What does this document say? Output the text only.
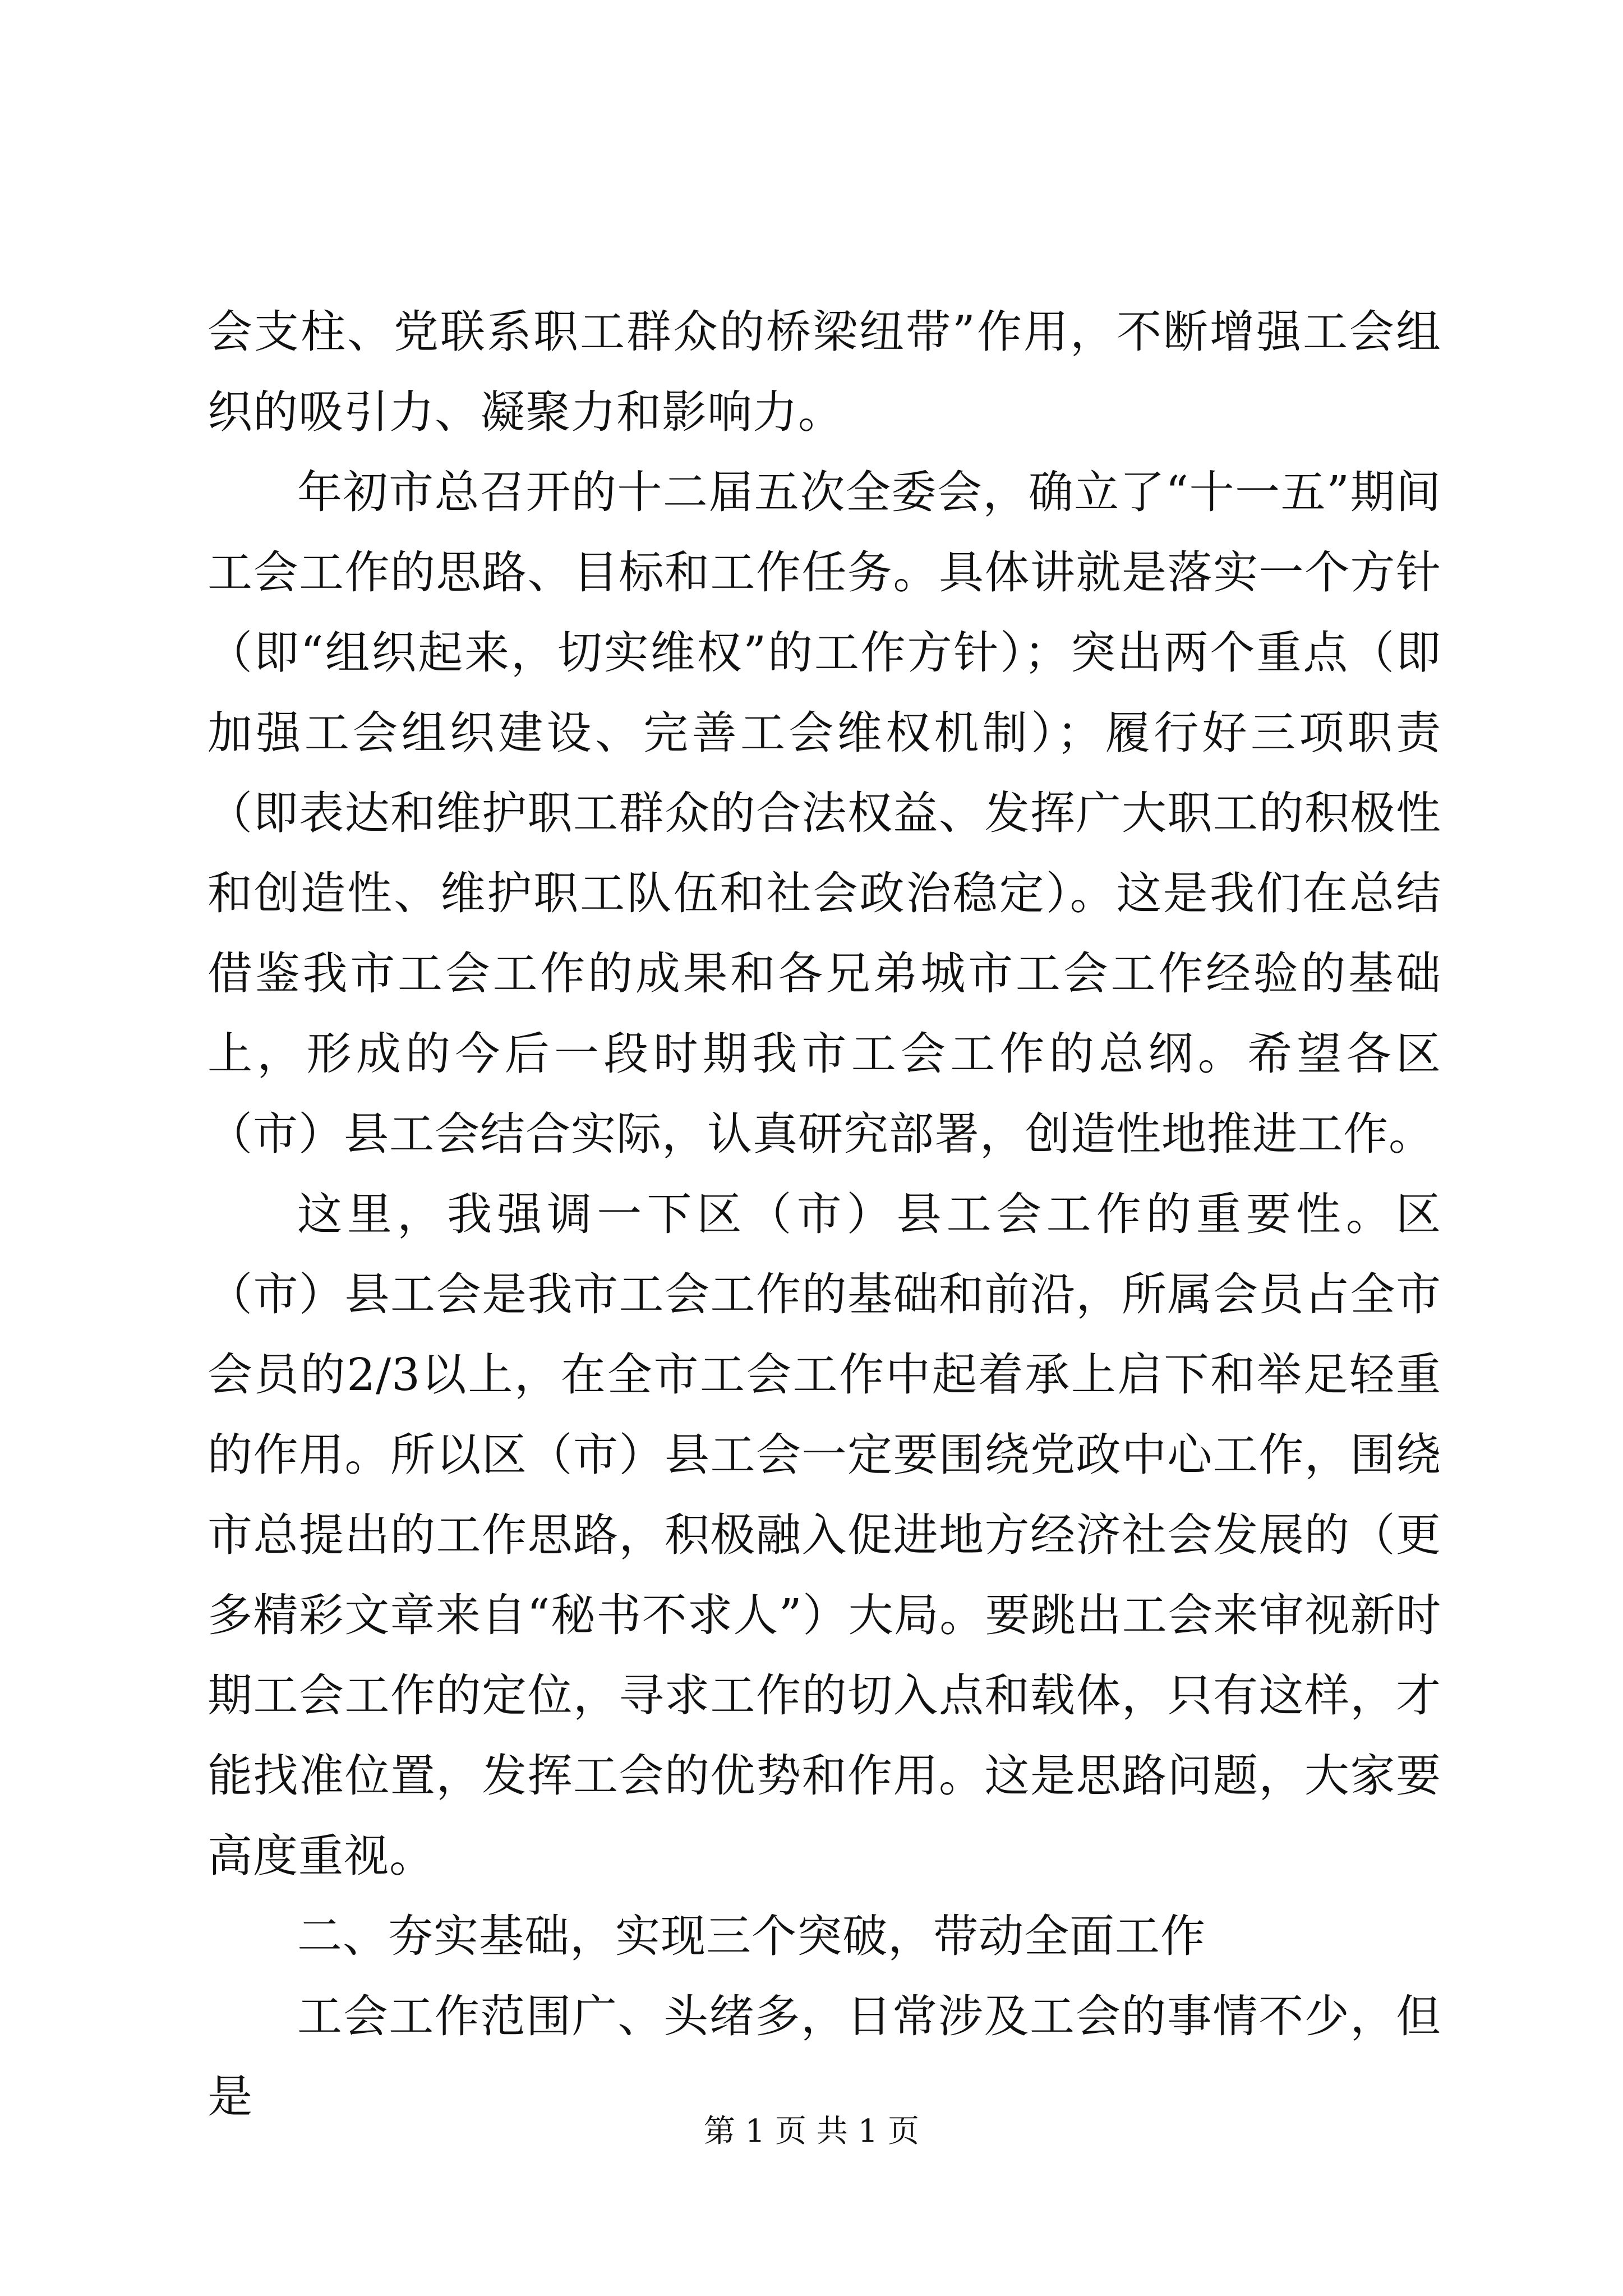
会支柱、党联系职工群众的桥梁纽带”作用，不断增强工会组织的吸引力、凝聚力和影响力。

年初市总召开的十二届五次全委会，确立了“十一五”期间工会工作的思路、目标和工作任务。具体讲就是落实一个方针（即“组织起来，切实维权”的工作方针）；突出两个重点（即加强工会组织建设、完善工会维权机制）；履行好三项职责（即表达和维护职工群众的合法权益、发挥广大职工的积极性和创造性、维护职工队伍和社会政治稳定）。这是我们在总结借鉴我市工会工作的成果和各兄弟城市工会工作经验的基础上，形成的今后一段时期我市工会工作的总纲。希望各区（市）县工会结合实际，认真研究部署，创造性地推进工作。

这里，我强调一下区（市）县工会工作的重要性。区（市）县工会是我市工会工作的基础和前沿，所属会员占全市会员的2/3以上，在全市工会工作中起着承上启下和举足轻重的作用。所以区（市）县工会一定要围绕党政中心工作，围绕市总提出的工作思路，积极融入促进地方经济社会发展的（更多精彩文章来自“秘书不求人”）大局。要跳出工会来审视新时期工会工作的定位，寻求工作的切入点和载体，只有这样，才能找准位置，发挥工会的优势和作用。这是思路问题，大家要高度重视。

二、夯实基础，实现三个突破，带动全面工作

工会工作范围广、头绪多，日常涉及工会的事情不少，但是

第 1 页 共 1 页
